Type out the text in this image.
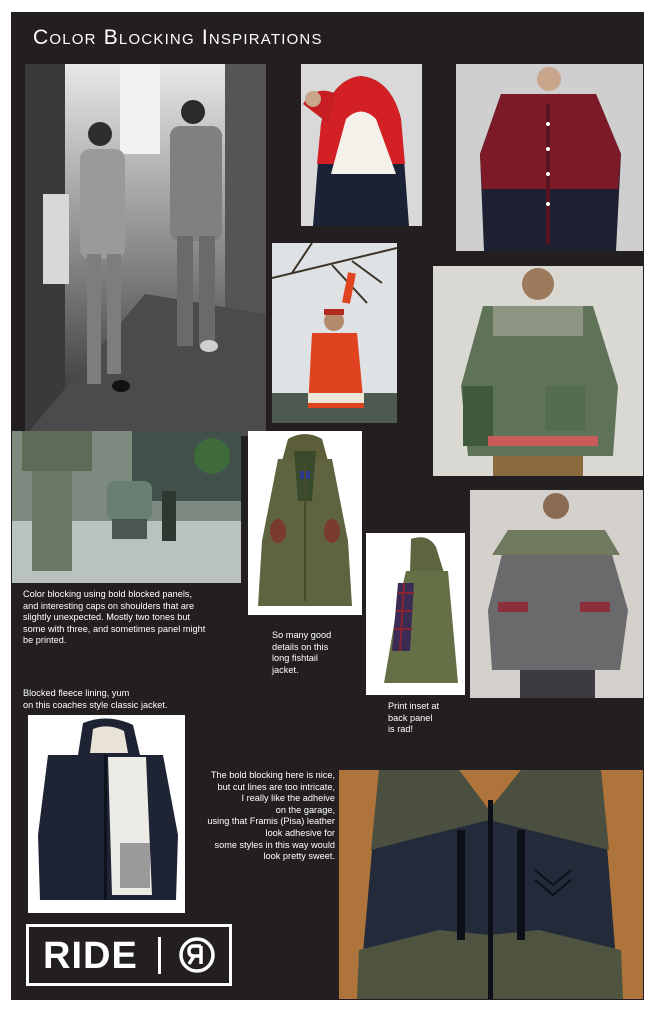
Color Blocking Inspirations
Color blocking using bold blocked panels,
and interesting caps on shoulders that are
slightly unexpected. Mostly two tones but
some with three, and sometimes panel might
be printed.
So many good
details on this
long fishtail
jacket.
Blocked fleece lining, yum
on this coaches style classic jacket.	Print inset at
back panel
is rad!
The bold blocking here is nice,
but cut lines are too intricate,
I really like the adheive
on the garage,
using that Framis (Pisa) leather
look adhesive for
some styles in this way would
look pretty sweet.
RIDE
